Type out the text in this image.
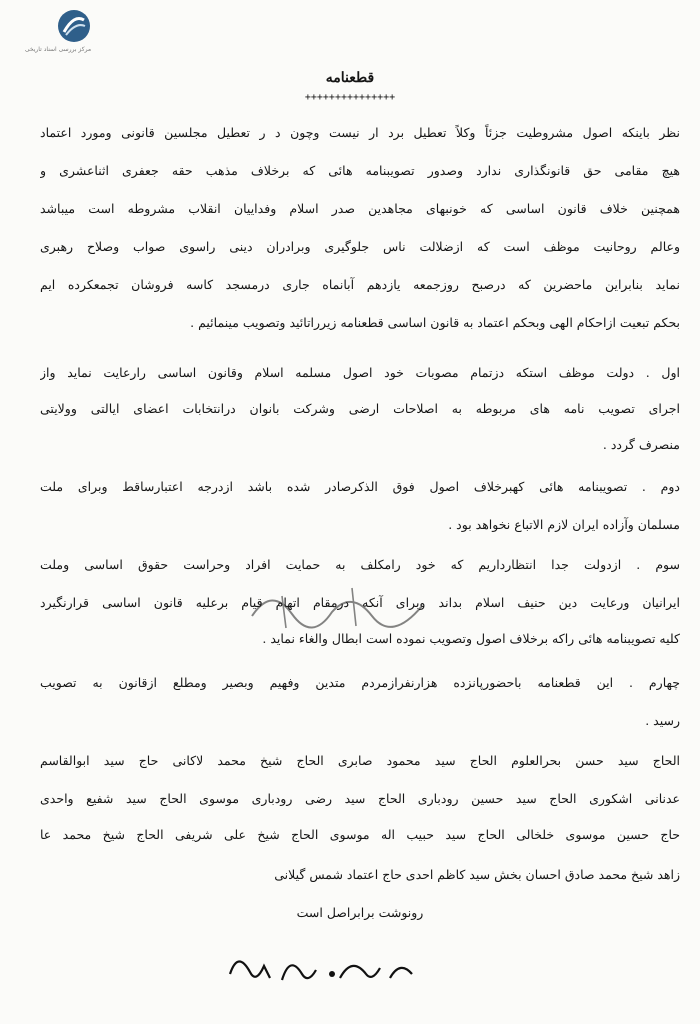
مرکز بررسی اسناد تاریخی
قطعنامه
+++++++++++++++
نظر باینکه اصول مشروطیت جزئاً وکلاً تعطیل برد ار نیست وچون د ر تعطیل مجلسین قانونی ومورد اعتماد
هیچ مقامی حق قانونگذاری ندارد وصدور تصویبنامه هائی که برخلاف مذهب حقه جعفری اثناعشری و
همچنین خلاف قانون اساسی که خونبهای مجاهدین صدر اسلام وفداییان انقلاب مشروطه است میباشد
وعالم روحانیت موظف است که ازضلالت ناس جلوگیری وبرادران دینی راسوی صواب وصلاح رهبری
نماید بنابراین ماحضرین که درصبح روزجمعه یازدهم آبانماه جاری درمسجد کاسه فروشان تجمعکرده ایم
بحکم تبعیت ازاحکام الهی وبحکم اعتماد به قانون اساسی قطعنامه زیرراتائید وتصویب مینمائیم .
اول . دولت موظف استکه دزتمام مصوبات خود اصول مسلمه اسلام وقانون اساسی رارعایت نماید واز
اجرای تصویب نامه های مربوطه به اصلاحات ارضی وشرکت بانوان درانتخابات اعضای ایالتی وولایتی
منصرف گردد .
دوم . تصویبنامه هائی کهبرخلاف اصول فوق الذکرصادر شده باشد ازدرجه اعتبارساقط وبرای ملت
مسلمان وآزاده ایران لازم الاتباع نخواهد بود .
سوم . ازدولت جدا انتظارداریم که خود رامکلف به حمایت افراد وحراست حقوق اساسی وملت
ایرانیان ورعایت دین حنیف اسلام بداند وبرای آنکه درمقام اتهام قیام برعلیه قانون اساسی قرارنگیرد
کلیه تصویبنامه هائی راکه برخلاف اصول وتصویب نموده است ابطال والغاء نماید .
چهارم . این قطعنامه باحضورپانزده هزارنفرازمردم متدین وفهیم وبصیر ومطلع ازقانون به تصویب
رسید .
الحاج سید حسن بحرالعلوم الحاج سید محمود صابری الحاج شیخ محمد لاکانی حاج سید ابوالقاسم
عدنانی اشکوری الحاج سید حسین رودباری الحاج سید رضی رودباری موسوی الحاج سید شفیع واحدی
حاج حسین موسوی خلخالی الحاج سید حبیب اله موسوی الحاج شیخ علی شریفی الحاج شیخ محمد عا
زاهد شیخ محمد صادق احسان بخش سید کاظم احدی حاج اعتماد شمس گیلانی
رونوشت برابراصل است
